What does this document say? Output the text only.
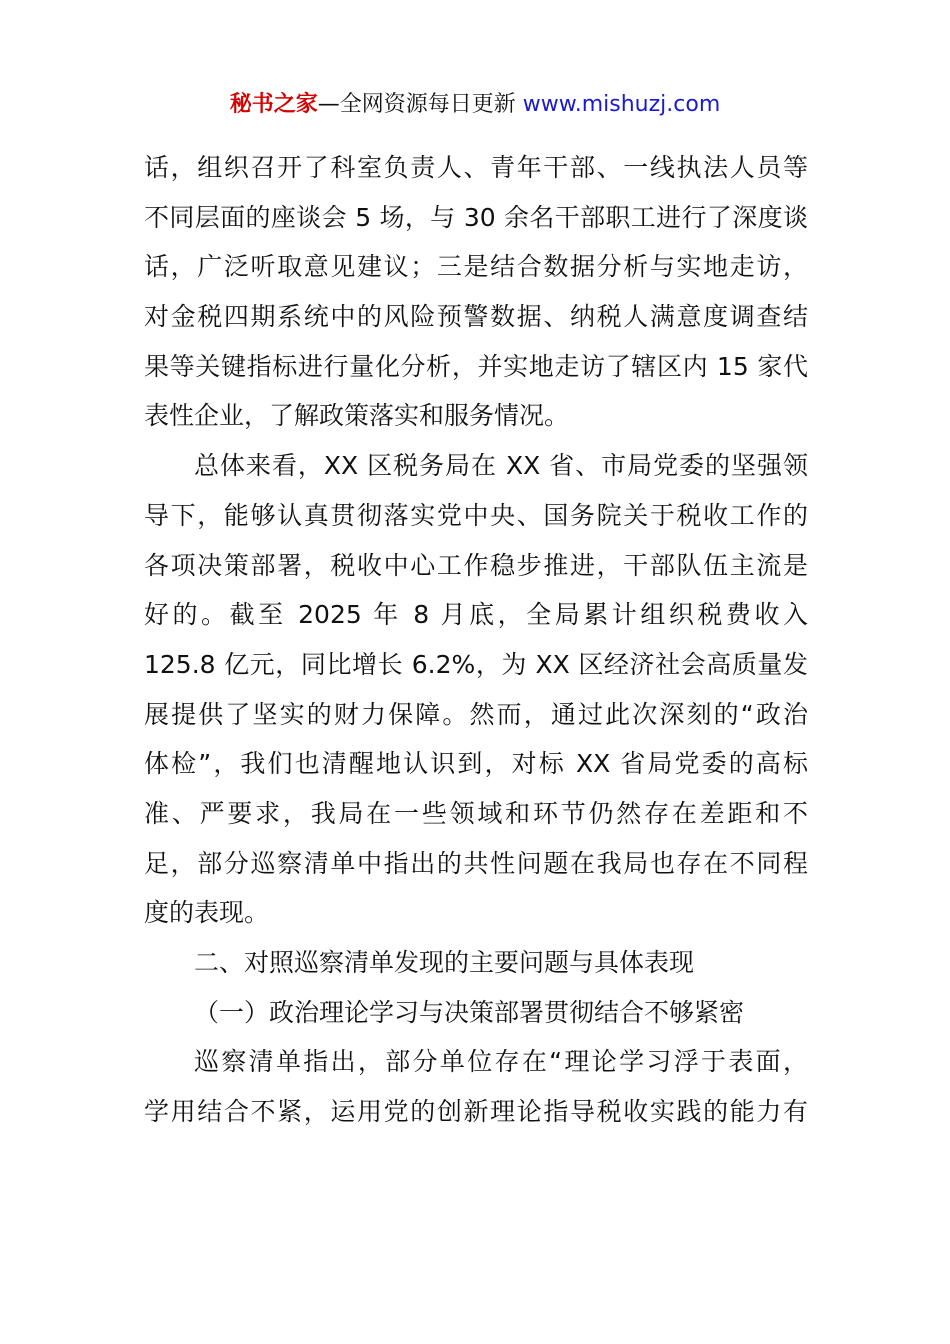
秘书之家—全网资源每日更新 www.mishuzj.com
话，组织召开了科室负责人、青年干部、一线执法人员等
不同层面的座谈会 5 场，与 30 余名干部职工进行了深度谈
话，广泛听取意见建议；三是结合数据分析与实地走访，
对金税四期系统中的风险预警数据、纳税人满意度调查结
果等关键指标进行量化分析，并实地走访了辖区内 15 家代
表性企业，了解政策落实和服务情况。
总体来看，XX 区税务局在 XX 省、市局党委的坚强领
导下，能够认真贯彻落实党中央、国务院关于税收工作的
各项决策部署，税收中心工作稳步推进，干部队伍主流是
好的。截至 2025 年 8 月底，全局累计组织税费收入
125.8 亿元，同比增长 6.2%，为 XX 区经济社会高质量发
展提供了坚实的财力保障。然而，通过此次深刻的“政治
体检”，我们也清醒地认识到，对标 XX 省局党委的高标
准、严要求，我局在一些领域和环节仍然存在差距和不
足，部分巡察清单中指出的共性问题在我局也存在不同程
度的表现。
二、对照巡察清单发现的主要问题与具体表现
（一）政治理论学习与决策部署贯彻结合不够紧密
巡察清单指出，部分单位存在“理论学习浮于表面，
学用结合不紧，运用党的创新理论指导税收实践的能力有
